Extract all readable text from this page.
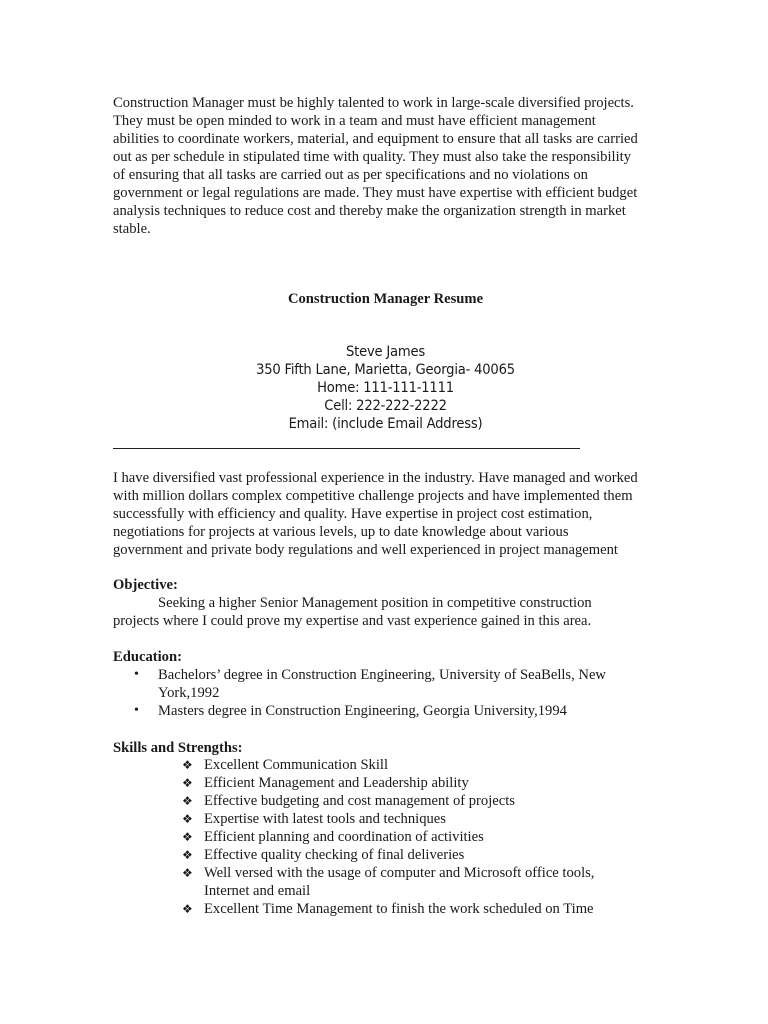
Construction Manager must be highly talented to work in large-scale diversified projects.
They must be open minded to work in a team and must have efficient management
abilities to coordinate workers, material, and equipment to ensure that all tasks are carried
out as per schedule in stipulated time with quality. They must also take the responsibility
of ensuring that all tasks are carried out as per specifications and no violations on
government or legal regulations are made. They must have expertise with efficient budget
analysis techniques to reduce cost and thereby make the organization strength in market
stable.

Construction Manager Resume
Steve James
350 Fifth Lane, Marietta, Georgia- 40065
Home: 111-111-1111
Cell: 222-222-2222
Email: (include Email Address)
I have diversified vast professional experience in the industry. Have managed and worked
with million dollars complex competitive challenge projects and have implemented them
successfully with efficiency and quality. Have expertise in project cost estimation,
negotiations for projects at various levels, up to date knowledge about various
government and private body regulations and well experienced in project management
Objective:
Seeking a higher Senior Management position in competitive construction
projects where I could prove my expertise and vast experience gained in this area.
Education:
• Bachelors’ degree in Construction Engineering, University of SeaBells, New
York,1992
• Masters degree in Construction Engineering, Georgia University,1994
Skills and Strengths:
❖ Excellent Communication Skill
❖ Efficient Management and Leadership ability
❖ Effective budgeting and cost management of projects
❖ Expertise with latest tools and techniques
❖ Efficient planning and coordination of activities
❖ Effective quality checking of final deliveries
❖ Well versed with the usage of computer and Microsoft office tools,
Internet and email
❖ Excellent Time Management to finish the work scheduled on Time
